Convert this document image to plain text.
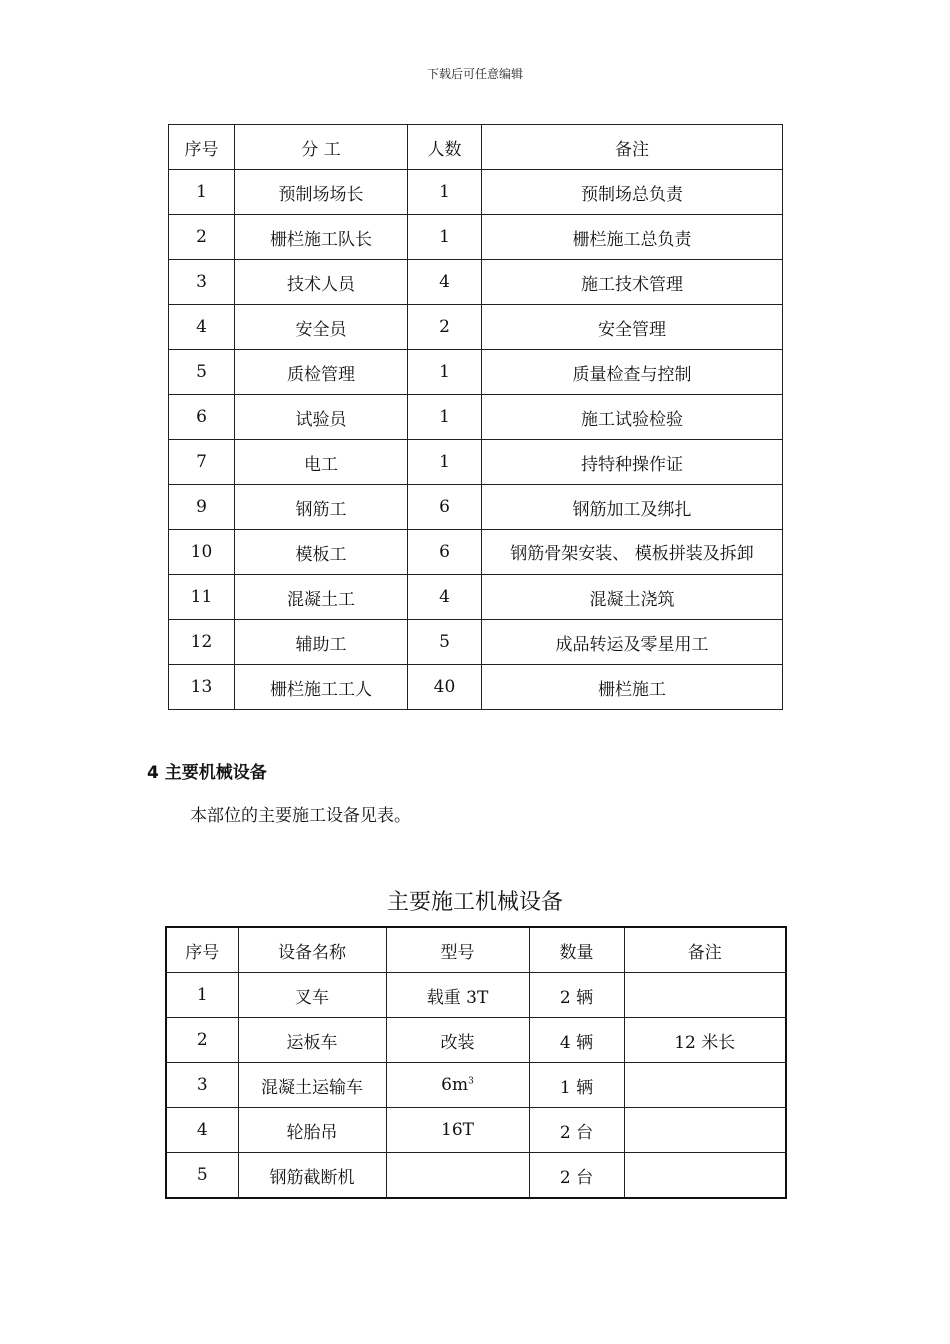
下载后可任意编辑
序号	分 工	人数	备注
1	预制场场长	1	预制场总负责
2	栅栏施工队长	1	栅栏施工总负责
3	技术人员	4	施工技术管理
4	安全员	2	安全管理
5	质检管理	1	质量检查与控制
6	试验员	1	施工试验检验
7	电工	1	持特种操作证
9	钢筋工	6	钢筋加工及绑扎
10	模板工	6	钢筋骨架安装、 模板拼装及拆卸

11	混凝土工	4	混凝土浇筑
12	辅助工	5	成品转运及零星用工
13	栅栏施工工人	40	栅栏施工
4 主要机械设备
本部位的主要施工设备见表。
主要施工机械设备
序号	设备名称	型号	数量	备注
1	叉车	载重 3T	2 辆	
2	运板车	改装	4 辆	12 米长
3	混凝土运输车	$6m^3$	1 辆	
4	轮胎吊	16T	2 台	
5	钢筋截断机		2 台	
